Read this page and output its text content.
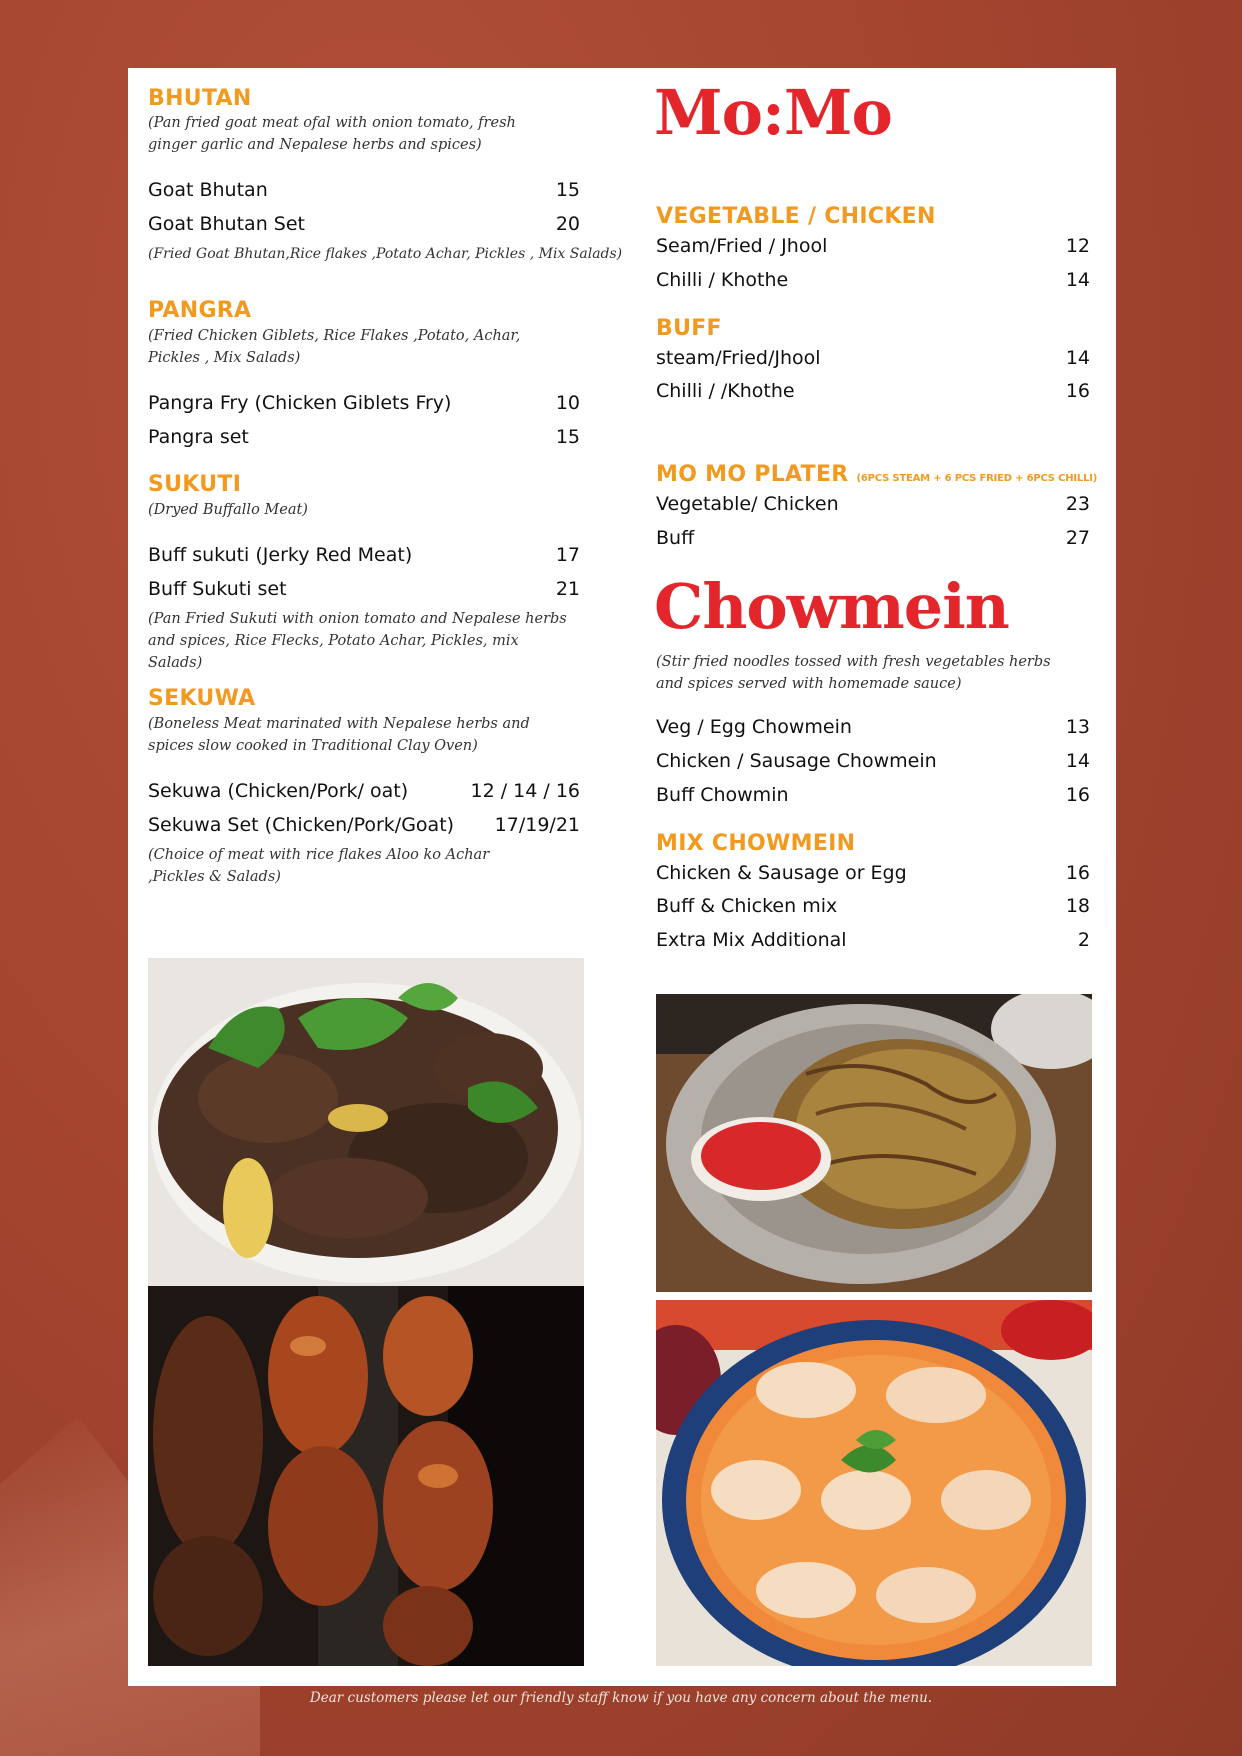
BHUTAN
(Pan fried goat meat ofal with onion tomato, fresh ginger garlic and Nepalese herbs and spices)
Goat Bhutan	15
Goat Bhutan Set	20
(Fried Goat Bhutan,Rice flakes ,Potato Achar, Pickles , Mix Salads)
PANGRA
(Fried Chicken Giblets, Rice Flakes ,Potato, Achar, Pickles , Mix Salads)
Pangra Fry (Chicken Giblets Fry)	10
Pangra set	15
SUKUTI
(Dryed Buffallo Meat)
Buff sukuti (Jerky Red Meat)	17
Buff Sukuti set	21
(Pan Fried Sukuti with onion tomato and Nepalese herbs and spices, Rice Flecks, Potato Achar, Pickles, mix Salads)
SEKUWA
(Boneless Meat marinated with Nepalese herbs and spices slow cooked in Traditional Clay Oven)
Sekuwa (Chicken/Pork/ oat)	12 / 14 / 16
Sekuwa Set (Chicken/Pork/Goat) 17/19/21
(Choice of meat with rice flakes Aloo ko Achar ,Pickles & Salads)
Mo:Mo
VEGETABLE / CHICKEN
Seam/Fried / Jhool	12
Chilli / Khothe	14
BUFF
steam/Fried/Jhool	14
Chilli / /Khothe	16
MO MO PLATER (6PCS STEAM + 6 PCS FRIED + 6PCS CHILLI)
Vegetable/ Chicken	23
Buff	27
Chowmein
(Stir fried noodles tossed with fresh vegetables herbs and spices served with homemade sauce)
Veg / Egg Chowmein	13
Chicken / Sausage Chowmein	14
Buff Chowmin	16
MIX CHOWMEIN
Chicken & Sausage or Egg	16
Buff & Chicken mix	18
Extra Mix Additional	2
Dear customers please let our friendly staff know if you have any concern about the menu.
